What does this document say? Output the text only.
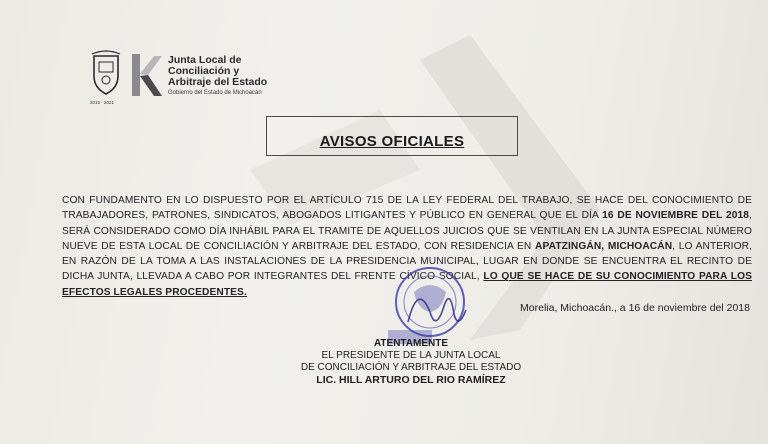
2015 - 2021
Junta Local de
Conciliación y
Arbitraje del Estado
Gobierno del Estado de Michoacán
AVISOS OFICIALES
CON FUNDAMENTO EN LO DISPUESTO POR EL ARTÍCULO 715 DE LA LEY FEDERAL DEL TRABAJO, SE HACE DEL CONOCIMIENTO DE TRABAJADORES, PATRONES, SINDICATOS, ABOGADOS LITIGANTES Y PÚBLICO EN GENERAL QUE EL DÍA 16 DE NOVIEMBRE DEL 2018, SERÁ CONSIDERADO COMO DÍA INHÁBIL PARA EL TRAMITE DE AQUELLOS JUICIOS QUE SE VENTILAN EN LA JUNTA ESPECIAL NÚMERO NUEVE DE ESTA LOCAL DE CONCILIACIÓN Y ARBITRAJE DEL ESTADO, CON RESIDENCIA EN APATZINGÁN, MICHOACÁN, LO ANTERIOR, EN RAZÓN DE LA TOMA A LAS INSTALACIONES DE LA PRESIDENCIA MUNICIPAL, LUGAR EN DONDE SE ENCUENTRA EL RECINTO DE DICHA JUNTA, LLEVADA A CABO POR INTEGRANTES DEL FRENTE CÍVICO SOCIAL, LO QUE SE HACE DE SU CONOCIMIENTO PARA LOS EFECTOS LEGALES PROCEDENTES.
Morelia, Michoacán., a 16 de noviembre del 2018
ATENTAMENTE
EL PRESIDENTE DE LA JUNTA LOCAL
DE CONCILIACIÓN Y ARBITRAJE DEL ESTADO
LIC. HILL ARTURO DEL RIO RAMÍREZ
